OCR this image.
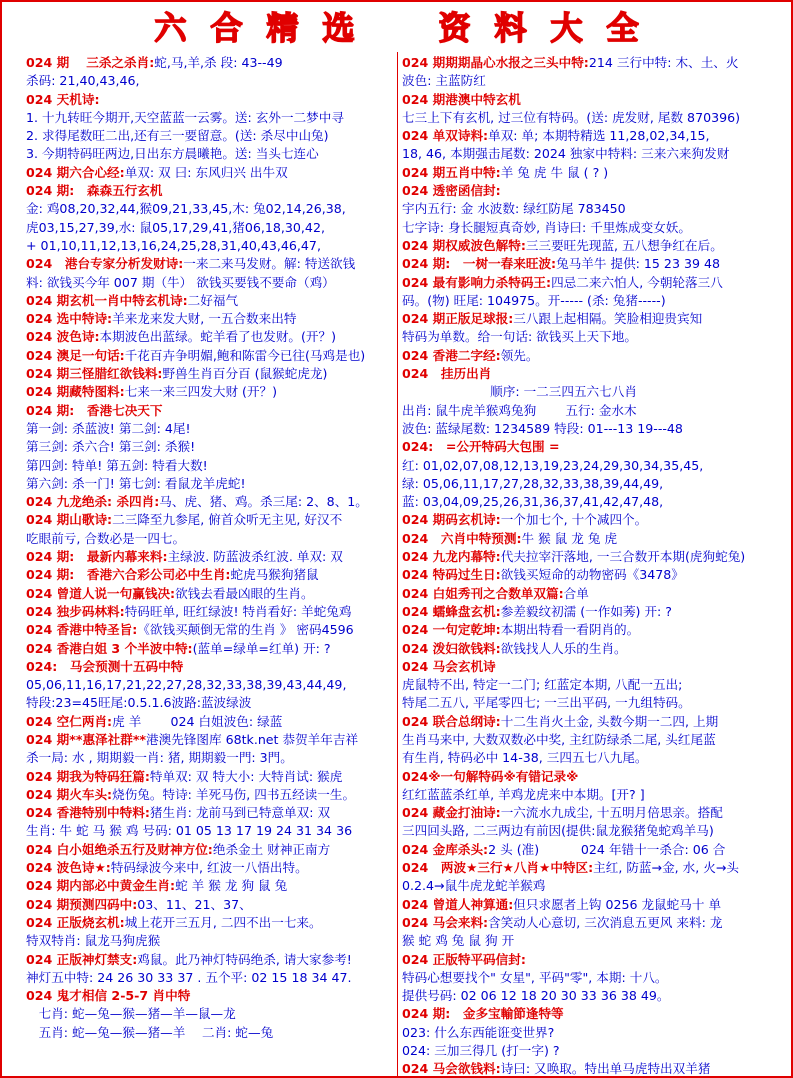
六 合 精 选	资 料 大 全
024 期　 三杀之杀肖:蛇,马,羊,杀 段: 43--49
杀码: 21,40,43,46,
024 天机诗:
1. 十九转旺今期开,天空蓝蓝一云雾。送: 玄外一二梦中寻
2. 求得尾数旺二出,还有三一要留意。(送: 杀尽中山兔)
3. 今期特码旺两边,日出东方晨曦艳。送: 当头七连心
024 期六合心经:单双: 双 曰: 东风归兴 出牛双
024 期:　森森五行玄机
金: 鸡08,20,32,44,猴09,21,33,45,木: 兔02,14,26,38,
虎03,15,27,39,水: 鼠05,17,29,41,猪06,18,30,42,
+ 01,10,11,12,13,16,24,25,28,31,40,43,46,47,
024　港台专家分析发财诗:一来二来马发财。解: 特送欲钱
料: 欲钱买今年 007 期（牛） 欲钱买要钱不要命（鸡）
024 期玄机一肖中特玄机诗:二好福气
024 选中特诗:羊来龙来发大财, 一五合数来出特
024 波色诗:本期波色出蓝绿。蛇羊看了也发财。(开？)
024 澳足一句话:千花百卉争明媚,鲍和陈雷今已往(马鸡是也)
024 期三怪腊红欲钱料:野兽生肖百分百 (鼠猴蛇虎龙)
024 期藏特图料:七来一来三四发大财 (开？)
024 期:　香港七决天下
第一剑: 杀蓝波! 第二剑: 4尾!
第三剑: 杀六合! 第三剑: 杀猴!
第四剑: 特单! 第五剑: 特看大数!
第六剑: 杀一门! 第七剑: 看鼠龙羊虎蛇!
024 九龙绝杀: 杀四肖:马、虎、猪、鸡。杀三尾: 2、8、1。
024 期山歌诗:二三降至九参尾, 俯首众听无主见, 好汉不
吃眼前亏, 合数必是一四七。
024 期:　最新内幕来料:主绿波. 防蓝波杀红波. 单双: 双
024 期:　香港六合彩公司必中生肖:蛇虎马猴狗猪鼠
024 曾道人说一句赢钱决:欲钱去看最凶眼的生肖。
024 独步码林料:特码旺单, 旺红绿波! 特肖看好: 羊蛇兔鸡
024 香港中特圣旨:《欲钱买颠倒无常的生肖 》 密码4596
024 香港白姐 3 个半波中特:(蓝单=绿单=红单) 开: ?
024:　马会预测十五码中特
05,06,11,16,17,21,22,27,28,32,33,38,39,43,44,49,
特段:23=45旺尾:0.5.1.6波路:蓝波绿波
024 空仁两肖:虎 羊　　 024 白姐波色: 绿蓝
024 期**惠泽社群**港澳先锋图库 68tk.net 恭贺羊年吉祥
杀一局: 水 , 期期毅一肖: 猪, 期期毅一門: 3門。
024 期我为特码狂篇:特单双: 双 特大小: 大特肖试: 猴虎
024 期火车头:烧伤兔。特诗: 羊死马伤, 四书五经读一生。
024 香港特别中特料:猪生肖: 龙前马到已特意单双: 双
生肖: 牛 蛇 马 猴 鸡 号码: 01 05 13 17 19 24 31 34 36
024 白小姐绝杀五行及财神方位:绝杀金土 财神正南方
024 波色诗★:特码绿波今来中, 红波一八悟出特。
024 期内部必中黄金生肖:蛇 羊 猴 龙 狗 鼠 兔
024 期预测四码中:03、11、21、37、
024 正版烧玄机:城上花开三五月, 二四不出一七来。
特双特肖: 鼠龙马狗虎猴
024 正版神灯禁支:鸡鼠。此乃神灯特码绝杀, 请大家参考!
神灯五中特: 24 26 30 33 37 . 五个平: 02 15 18 34 47.
024 鬼才相信 2-5-7 肖中特
　七肖: 蛇—兔—猴—猪—羊—鼠—龙
　五肖: 蛇—兔—猴—猪—羊　 二肖: 蛇—兔
024 期期期晶心水报之三头中特:214 三行中特: 木、土、火
波色: 主蓝防红
024 期港澳中特玄机
七三上下有玄机, 过三位有特码。(送: 虎发财, 尾数 870396)
024 单双诗料:单双: 单; 本期特精选 11,28,02,34,15,
18, 46, 本期强击尾数: 2024 独家中特料: 三来六来狗发财
024 期五肖中特:羊 兔 虎 牛 鼠 ( ? )
024 透密函信封:
宇内五行: 金 水波数: 绿红防尾 783450
七字诗: 身长腿短真奇妙, 肖诗曰: 千里炼成变女妖。
024 期权威波色解特:三三要旺先现蓝, 五八想争红在后。
024 期:　一树一春来旺波:兔马羊牛 提供: 15 23 39 48
024 最有影响力杀特码王:四忌二来六怕人, 今朝轮落三八
码。(物) 旺尾: 104975。开----- (杀: 兔猪-----)
024 期正版足球报:三八跟上起相隔。笑脸相迎贵宾知
特码为单数。给一句话: 欲钱买上天下地。
024 香港二字经:领先。
024　挂历出肖
　　　　　　　顺序: 一二三四五六七八肖
出肖: 鼠牛虎羊猴鸡兔狗　　 五行: 金水木
波色: 蓝绿尾数: 1234589 特段: 01---13 19---48
024:　=公开特码大包围 =
红: 01,02,07,08,12,13,19,23,24,29,30,34,35,45,
绿: 05,06,11,17,27,28,32,33,38,39,44,49,
蓝: 03,04,09,25,26,31,36,37,41,42,47,48,
024 期码玄机诗:一个加七个, 十个减四个。
024　六肖中特预测:牛 猴 鼠 龙 兔 虎
024 九龙内幕特:代夫拉宰汗落地, 一三合数开本期(虎狗蛇兔)
024 特码过生日:欲钱买短命的动物密码《3478》
024 白姐秀刊之合数单双篇:合单
024 蠕蜂盘玄机:参差毅纹初濡 (一作如莠) 开: ?
024 一句定乾坤:本期出特看一看阴肖的。
024 泼妇欲钱料:欲钱找人人乐的生肖。
024 马会玄机诗
虎鼠特不出, 特定一二门; 红蓝定本期, 八配一五出;
特尾二五八, 平尾零四七; 一三出平码, 一九组特码。
024 联合总纲诗:十二生肖火土金, 头数今期一二四, 上期
生肖马来中, 大数双数必中奖, 主红防绿杀二尾, 头红尾蓝
有生肖, 特码必中 14-38, 三四五七八九尾。
024※一句解特码※有错记录※
红红蓝蓝杀红单, 羊鸡龙虎来中本期。[开? ]
024 藏金打油诗:一六流水九成尘, 十五明月倍思亲。搭配
三四回头路, 二三两边有前因(提供:鼠龙猴猪兔蛇鸡羊马)
024 金库杀头:2 头 (准)　　　 024 年错十一杀合: 06 合
024　两波★三行★八肖★中特区:主红, 防蓝→金, 水, 火→头
0.2.4→鼠牛虎龙蛇羊猴鸡
024 曾道人神算通:但只求愿者上钩 0256 龙鼠蛇马十 单
024 马会来料:含笑动人心意切, 三次消息五更风 来料: 龙
猴 蛇 鸡 兔 鼠 狗 开
024 正版特平码信封:
特码心想要找个" 女星", 平码"零", 本期: 十八。
提供号码: 02 06 12 18 20 30 33 36 38 49。
024 期:　金多宝輸節逢特等
023: 什么东西能诳变世界?
024: 三加三得几 (打一字) ?
024 马会欲钱料:诗曰: 又唤取。特出单马虎特出双羊猪
